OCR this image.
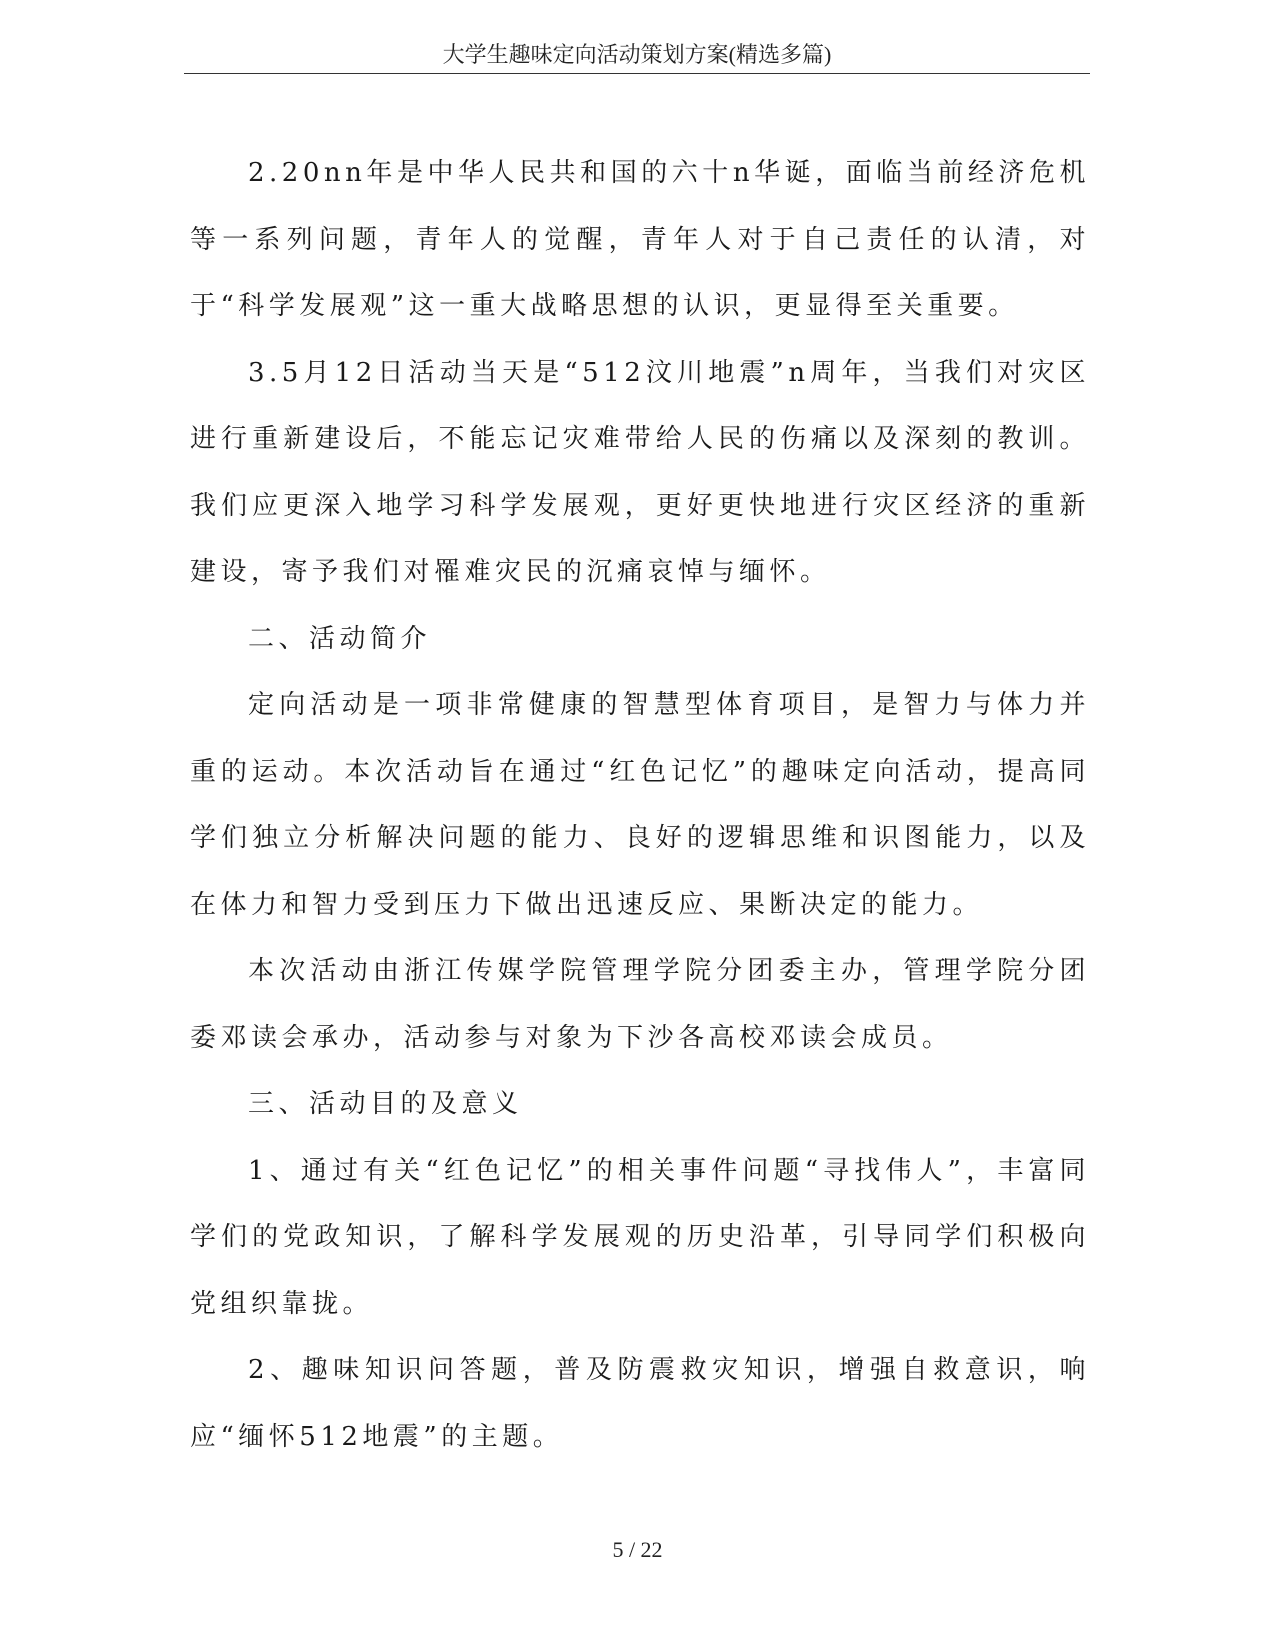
大学生趣味定向活动策划方案(精选多篇)

2.20nn年是中华人民共和国的六十n华诞，面临当前经济危机等一系列问题，青年人的觉醒，青年人对于自己责任的认清，对于“科学发展观”这一重大战略思想的认识，更显得至关重要。

3.5月12日活动当天是“512汶川地震”n周年，当我们对灾区进行重新建设后，不能忘记灾难带给人民的伤痛以及深刻的教训。我们应更深入地学习科学发展观，更好更快地进行灾区经济的重新建设，寄予我们对罹难灾民的沉痛哀悼与缅怀。

二、活动简介

定向活动是一项非常健康的智慧型体育项目，是智力与体力并重的运动。本次活动旨在通过“红色记忆”的趣味定向活动，提高同学们独立分析解决问题的能力、良好的逻辑思维和识图能力，以及在体力和智力受到压力下做出迅速反应、果断决定的能力。

本次活动由浙江传媒学院管理学院分团委主办，管理学院分团委邓读会承办，活动参与对象为下沙各高校邓读会成员。

三、活动目的及意义

1、通过有关“红色记忆”的相关事件问题“寻找伟人”，丰富同学们的党政知识，了解科学发展观的历史沿革，引导同学们积极向党组织靠拢。

2、趣味知识问答题，普及防震救灾知识，增强自救意识，响应“缅怀512地震”的主题。

5 / 22
